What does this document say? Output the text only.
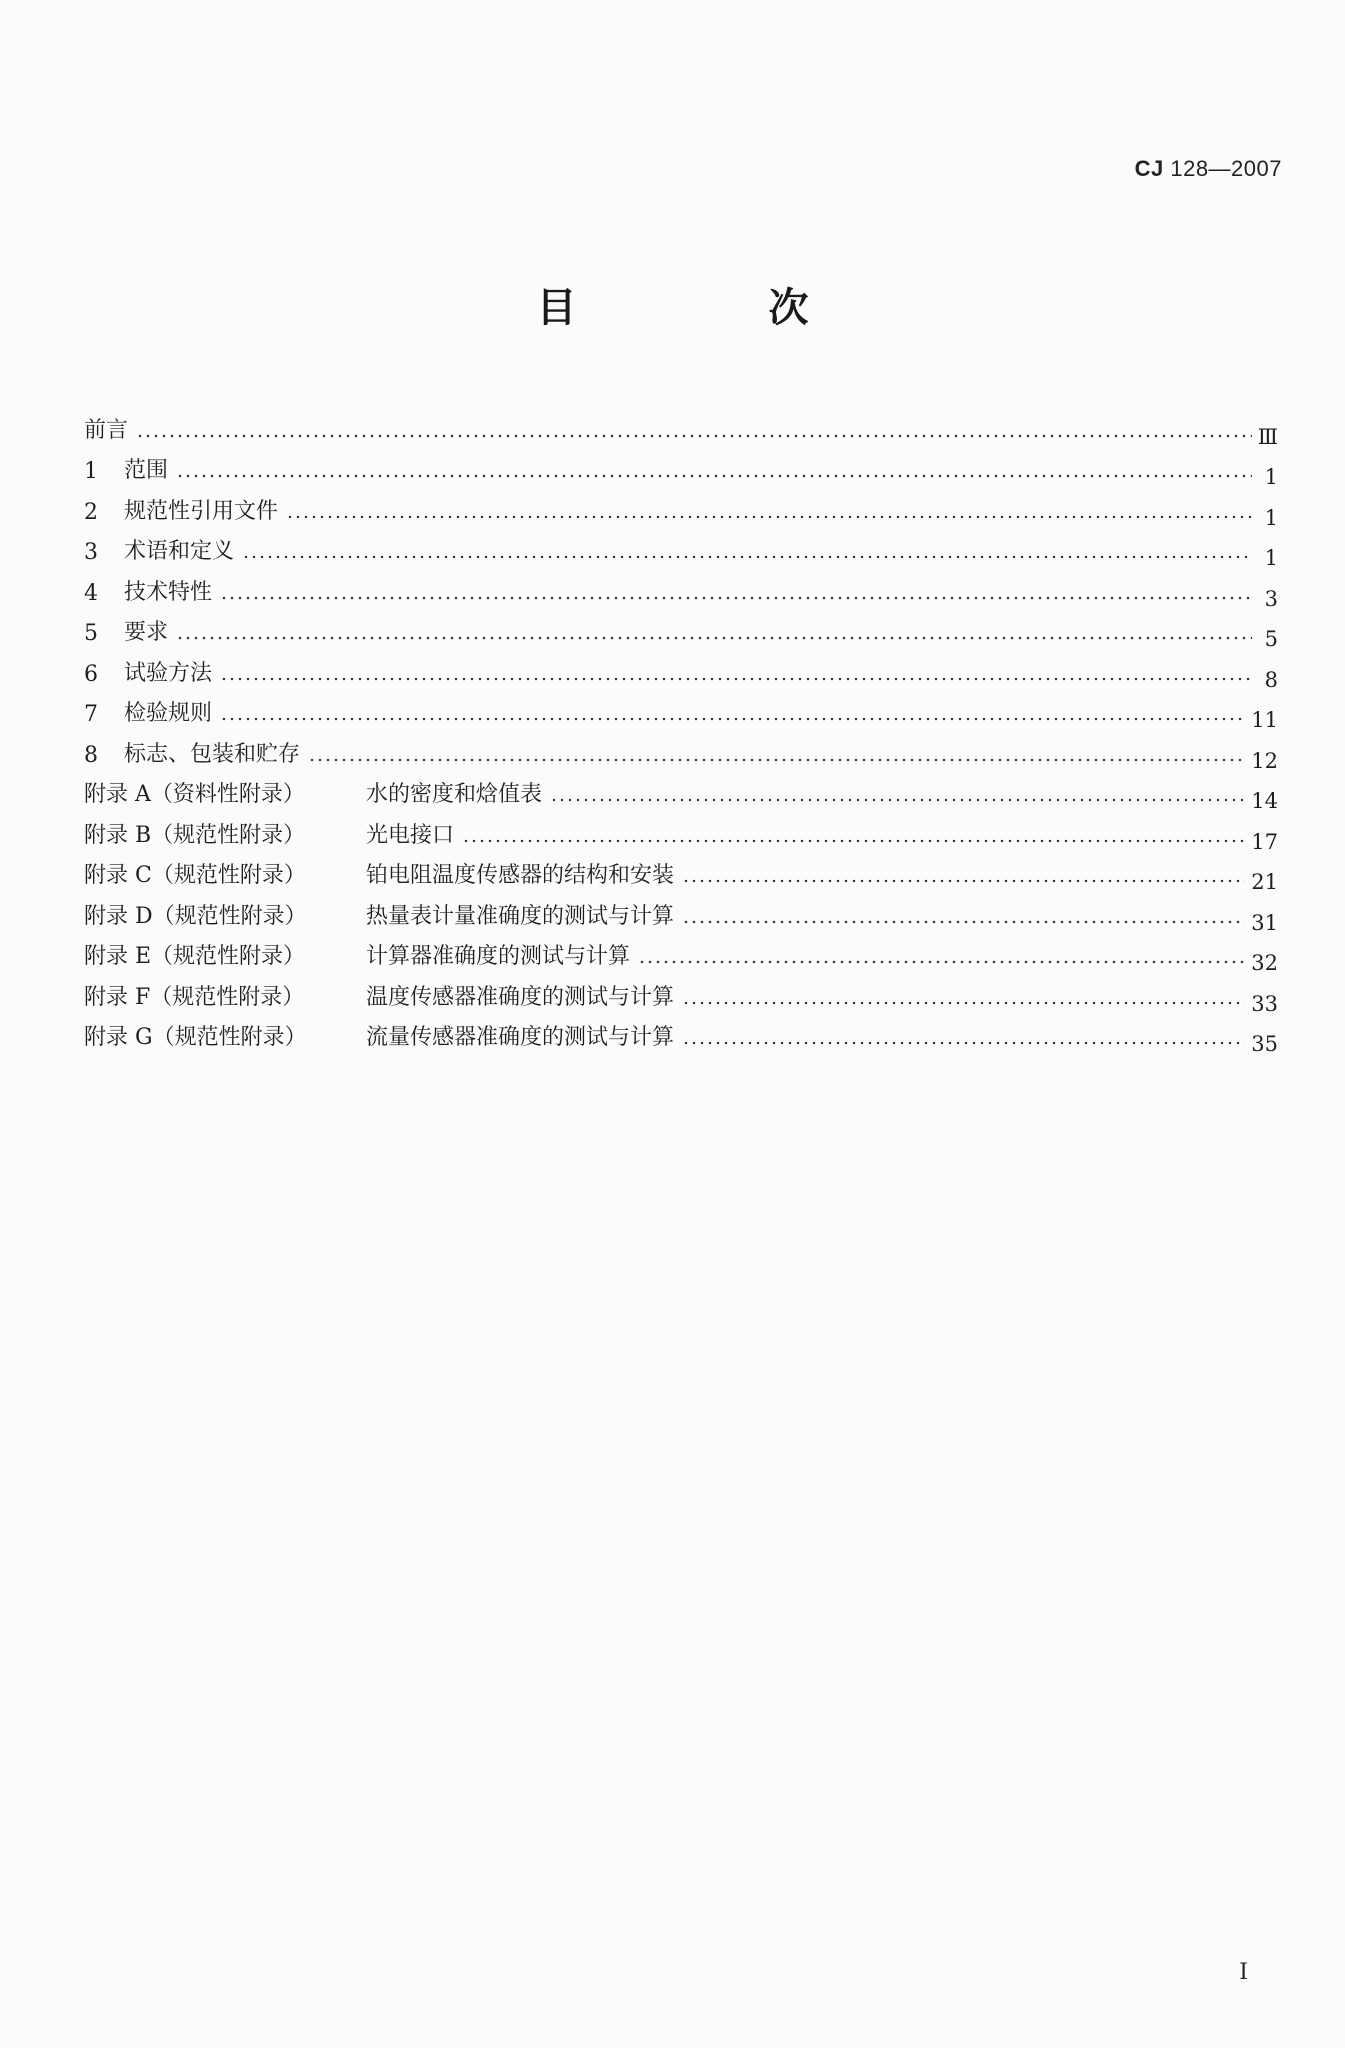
CJ 128—2007
目　次
前言	Ⅲ
1	范围	1
2	规范性引用文件	1
3	术语和定义	1
4	技术特性	3
5	要求	5
6	试验方法	8
7	检验规则	11
8	标志、包装和贮存	12
附录 A（资料性附录）	水的密度和焓值表	14
附录 B（规范性附录）	光电接口	17
附录 C（规范性附录）	铂电阻温度传感器的结构和安装	21
附录 D（规范性附录）	热量表计量准确度的测试与计算	31
附录 E（规范性附录）	计算器准确度的测试与计算	32
附录 F（规范性附录）	温度传感器准确度的测试与计算	33
附录 G（规范性附录）	流量传感器准确度的测试与计算	35
I
